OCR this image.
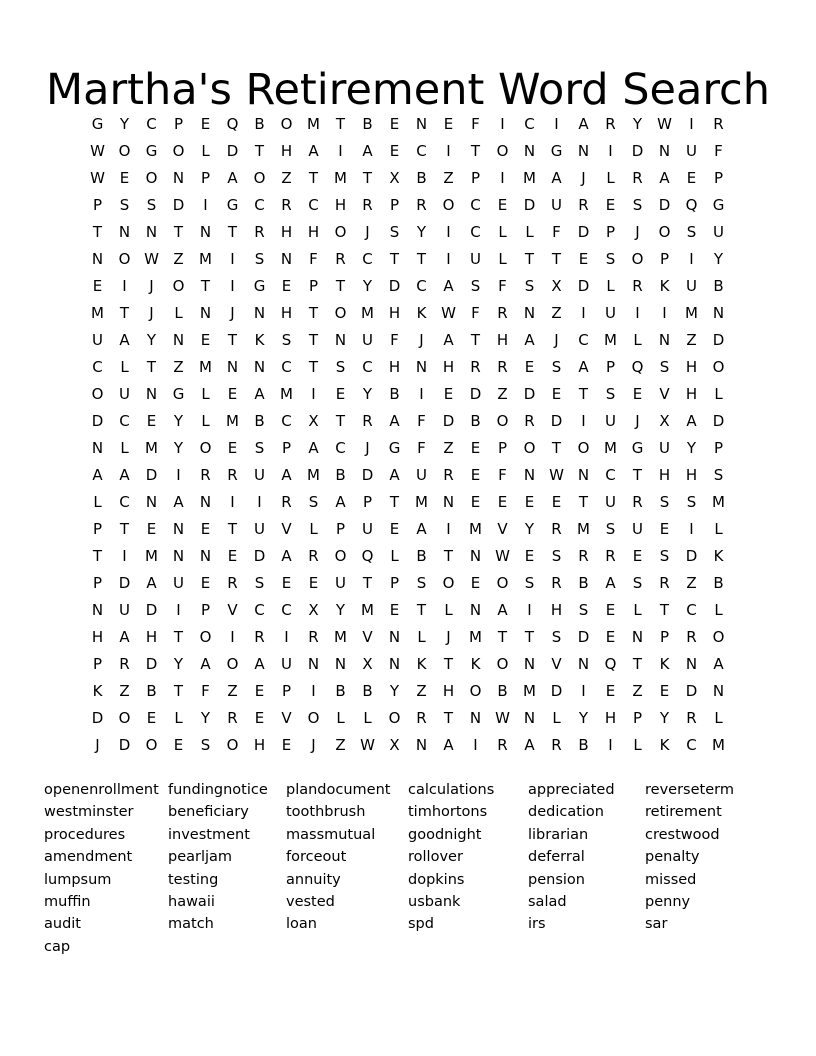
Martha's Retirement Word Search
G	Y	C	P	E	Q	B	O M	T	B	E	N	E	F	I	C	I	A	R	Y	W	I	R
W O	G	O	L	D	T	H	A	I	A	E	C	I	T	O	N	G	N	I	D	N	U	F
W E	O	N	P	A	O	Z	T	M	T	X	B	Z	P	I	M	A	J	L	R	A	E	P
P	S	S	D	I	G	C	R	C	H	R	P	R	O	C	E	D	U	R	E	S	D	Q	G
T	N	N	T	N	T	R	H	H	O	J	S	Y	I	C	L	L	F	D	P	J	O	S	U
N	O W Z	M	I	S	N	F	R	C	T	T	I	U	L	T	T	E	S	O	P	I	Y
E	I	J	O	T	I	G	E	P	T	Y	D	C	A	S	F	S	X	D	L	R	K	U	B
M	T	J	L	N	J	N	H	T	O M H	K W	F	R	N	Z	I	U	I	I	M N
U	A	Y	N	E	T	K	S	T	N	U	F	J	A	T	H	A	J	C	M	L	N	Z	D
C	L	T	Z	M N	N	C	T	S	C	H	N	H	R	R	E	S	A	P	Q	S	H	O
O	U	N	G	L	E	A	M	I	E	Y	B	I	E	D	Z	D	E	T	S	E	V	H	L
D	C	E	Y	L	M	B	C	X	T	R	A	F	D	B	O	R	D	I	U	J	X	A	D
N	L	M	Y	O	E	S	P	A	C	J	G	F	Z	E	P	O	T	O M G	U	Y	P
A	A	D	I	R	R	U	A	M	B	D	A	U	R	E	F	N W N	C	T	H	H	S
L	C	N	A	N	I	I	R	S	A	P	T	M N	E	E	E	E	T	U	R	S	S	M
P	T	E	N	E	T	U	V	L	P	U	E	A	I	M	V	Y	R	M	S	U	E	I	L
T	I	M N	N	E	D	A	R	O	Q	L	B	T	N W E	S	R	R	E	S	D	K
P	D	A	U	E	R	S	E	E	U	T	P	S	O	E	O	S	R	B	A	S	R	Z	B
N	U	D	I	P	V	C	C	X	Y	M	E	T	L	N	A	I	H	S	E	L	T	C	L
H	A	H	T	O	I	R	I	R	M	V	N	L	J	M	T	T	S	D	E	N	P	R	O
P	R	D	Y	A	O	A	U	N	N	X	N	K	T	K	O	N	V	N	Q	T	K	N	A
K	Z	B	T	F	Z	E	P	I	B	B	Y	Z	H	O	B	M D	I	E	Z	E	D	N
D	O	E	L	Y	R	E	V	O	L	L	O	R	T	N W N	L	Y	H	P	Y	R	L
J	D	O	E	S	O	H	E	J	Z W X	N	A	I	R	A	R	B	I	L	K	C	M
openenrollment
westminster
procedures
amendment
lumpsum
muffin
audit
cap
fundingnotice
beneficiary
investment
pearljam
testing
hawaii
match
plandocument
toothbrush
massmutual
forceout
annuity
vested
loan
calculations
timhortons
goodnight
rollover
dopkins
usbank
spd
appreciated
dedication
librarian
deferral
pension
salad
irs
reverseterm
retirement
crestwood
penalty
missed
penny
sar
